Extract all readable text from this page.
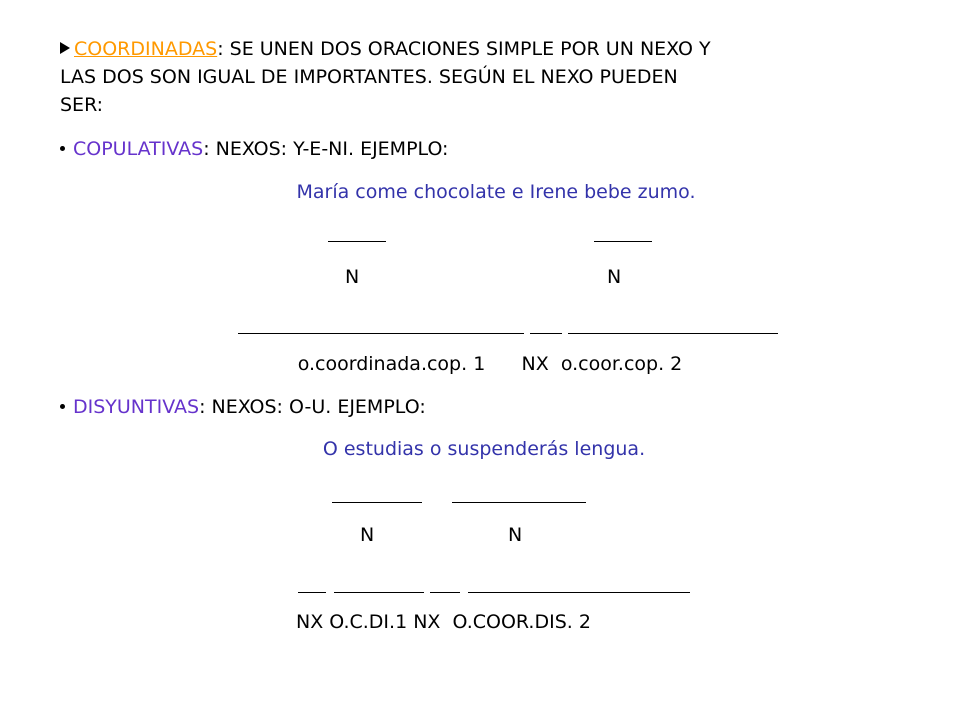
COORDINADAS: SE UNEN DOS ORACIONES SIMPLE POR UN NEXO Y
LAS DOS SON IGUAL DE IMPORTANTES. SEGÚN EL NEXO PUEDEN
SER:
COPULATIVAS: NEXOS: Y-E-NI. EJEMPLO:
María come chocolate e Irene bebe zumo.
N	N
o.coordinada.cop. 1      NX  o.coor.cop. 2
DISYUNTIVAS: NEXOS: O-U. EJEMPLO:
O estudias o suspenderás lengua.
N	N
NX O.C.DI.1 NX  O.COOR.DIS. 2
